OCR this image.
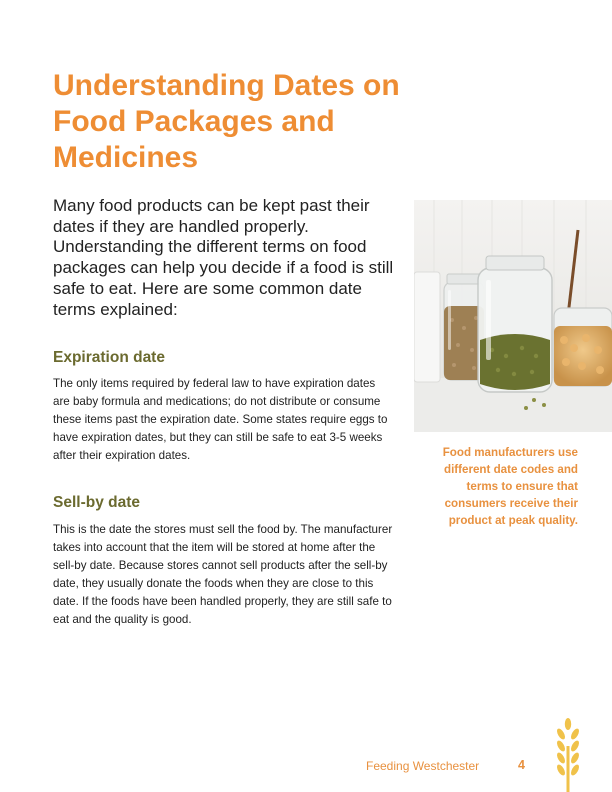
Understanding Dates on Food Packages and Medicines

Many food products can be kept past their dates if they are handled properly. Understanding the different terms on food packages can help you decide if a food is still safe to eat. Here are some common date terms explained:

Expiration date

The only items required by federal law to have expiration dates are baby formula and medications; do not distribute or consume these items past the expiration date. Some states require eggs to have expiration dates, but they can still be safe to eat 3-5 weeks after their expiration dates.

Sell-by date

This is the date the stores must sell the food by. The manufacturer takes into account that the item will be stored at home after the sell-by date. Because stores cannot sell products after the sell-by date, they usually donate the foods when they are close to this date. If the foods have been handled properly, they are still safe to eat and the quality is good.

Food manufacturers use different date codes and terms to ensure that consumers receive their product at peak quality.

Feeding Westchester	4
